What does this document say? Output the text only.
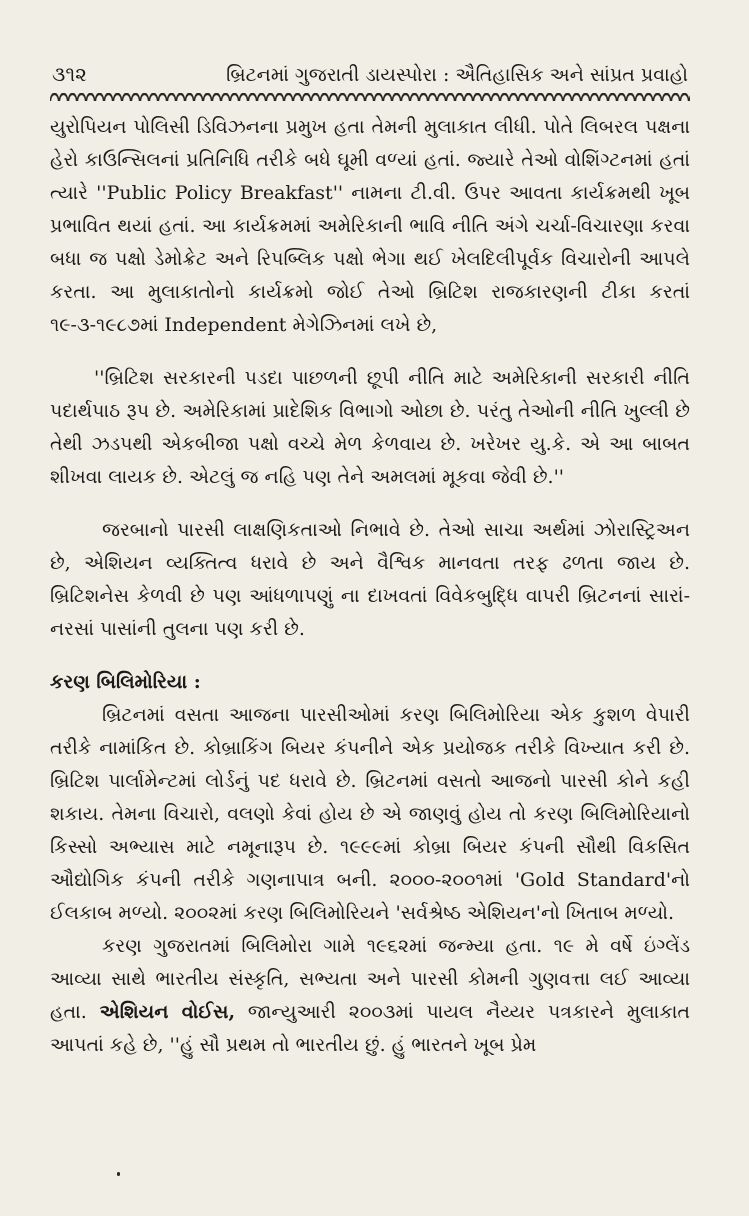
૩૧૨	બ્રિટનમાં ગુજરાતી ડાયસ્પોરા : ઐતિહાસિક અને સાંપ્રત પ્રવાહો

યુરોપિયન પોલિસી ડિવિઝનના પ્રમુખ હતા તેમની મુલાકાત લીધી. પોતે લિબરલ પક્ષના હેરો કાઉન્સિલનાં પ્રતિનિધિ તરીકે બધે ઘૂમી વળ્યાં હતાં. જ્યારે તેઓ વોશિંગ્ટનમાં હતાં ત્યારે ''Public Policy Breakfast'' નામના ટી.વી. ઉપર આવતા કાર્યક્રમથી ખૂબ પ્રભાવિત થયાં હતાં. આ કાર્યક્રમમાં અમેરિકાની ભાવિ નીતિ અંગે ચર્ચા-વિચારણા કરવા બધા જ પક્ષો ડેમોક્રેટ અને રિપબ્લિક પક્ષો ભેગા થઈ ખેલદિલીપૂર્વક વિચારોની આપલે કરતા. આ મુલાકાતોનો કાર્યક્રમો જોઈ તેઓ બ્રિટિશ રાજકારણની ટીકા કરતાં ૧૯-૩-૧૯૮૭માં Independent મેગેઝિનમાં લખે છે,

''બ્રિટિશ સરકારની પડદા પાછળની છૂપી નીતિ માટે અમેરિકાની સરકારી નીતિ પદાર્થપાઠ રૂપ છે. અમેરિકામાં પ્રાદેશિક વિભાગો ઓછા છે. પરંતુ તેઓની નીતિ ખુલ્લી છે તેથી ઝડપથી એકબીજા પક્ષો વચ્ચે મેળ કેળવાય છે. ખરેખર યુ.કે. એ આ બાબત શીખવા લાયક છે. એટલું જ નહિ પણ તેને અમલમાં મૂકવા જેવી છે.''

જરબાનો પારસી લાક્ષણિકતાઓ નિભાવે છે. તેઓ સાચા અર્થમાં ઝોરાસ્ટ્રિઅન છે, એશિયન વ્યક્તિત્વ ધરાવે છે અને વૈશ્વિક માનવતા તરફ ઢળતા જાય છે. બ્રિટિશનેસ કેળવી છે પણ આંધળાપણું ના દાખવતાં વિવેકબુદ્ધિ વાપરી બ્રિટનનાં સારાં-નરસાં પાસાંની તુલના પણ કરી છે.

કરણ બિલિમોરિયા :

બ્રિટનમાં વસતા આજના પારસીઓમાં કરણ બિલિમોરિયા એક કુશળ વેપારી તરીકે નામાંકિત છે. કોબ્રાકિંગ બિયર કંપનીને એક પ્રયોજક તરીકે વિખ્યાત કરી છે. બ્રિટિશ પાર્લામેન્ટમાં લોર્ડનું પદ ધરાવે છે. બ્રિટનમાં વસતો આજનો પારસી કોને કહી શકાય. તેમના વિચારો, વલણો કેવાં હોય છે એ જાણવું હોય તો કરણ બિલિમોરિયાનો કિસ્સો અભ્યાસ માટે નમૂનારૂપ છે. ૧૯૯૯માં કોબ્રા બિયર કંપની સૌથી વિકસિત ઔદ્યોગિક કંપની તરીકે ગણનાપાત્ર બની. ૨૦૦૦-૨૦૦૧માં 'Gold Standard'નો ઈલકાબ મળ્યો. ૨૦૦૨માં કરણ બિલિમોરિયને 'સર્વશ્રેષ્ઠ એશિયન'નો ખિતાબ મળ્યો.

કરણ ગુજરાતમાં બિલિમોરા ગામે ૧૯૬૨માં જન્મ્યા હતા. ૧૯ મે વર્ષે ઇંગ્લેંડ આવ્યા સાથે ભારતીય સંસ્કૃતિ, સભ્યતા અને પારસી કોમની ગુણવત્તા લઈ આવ્યા હતા. એશિયન વોઈસ, જાન્યુઆરી ૨૦૦૩માં પાયલ નૈય્યર પત્રકારને મુલાકાત આપતાં કહે છે, ''હું સૌ પ્રથમ તો ભારતીય છું. હું ભારતને ખૂબ પ્રેમ
